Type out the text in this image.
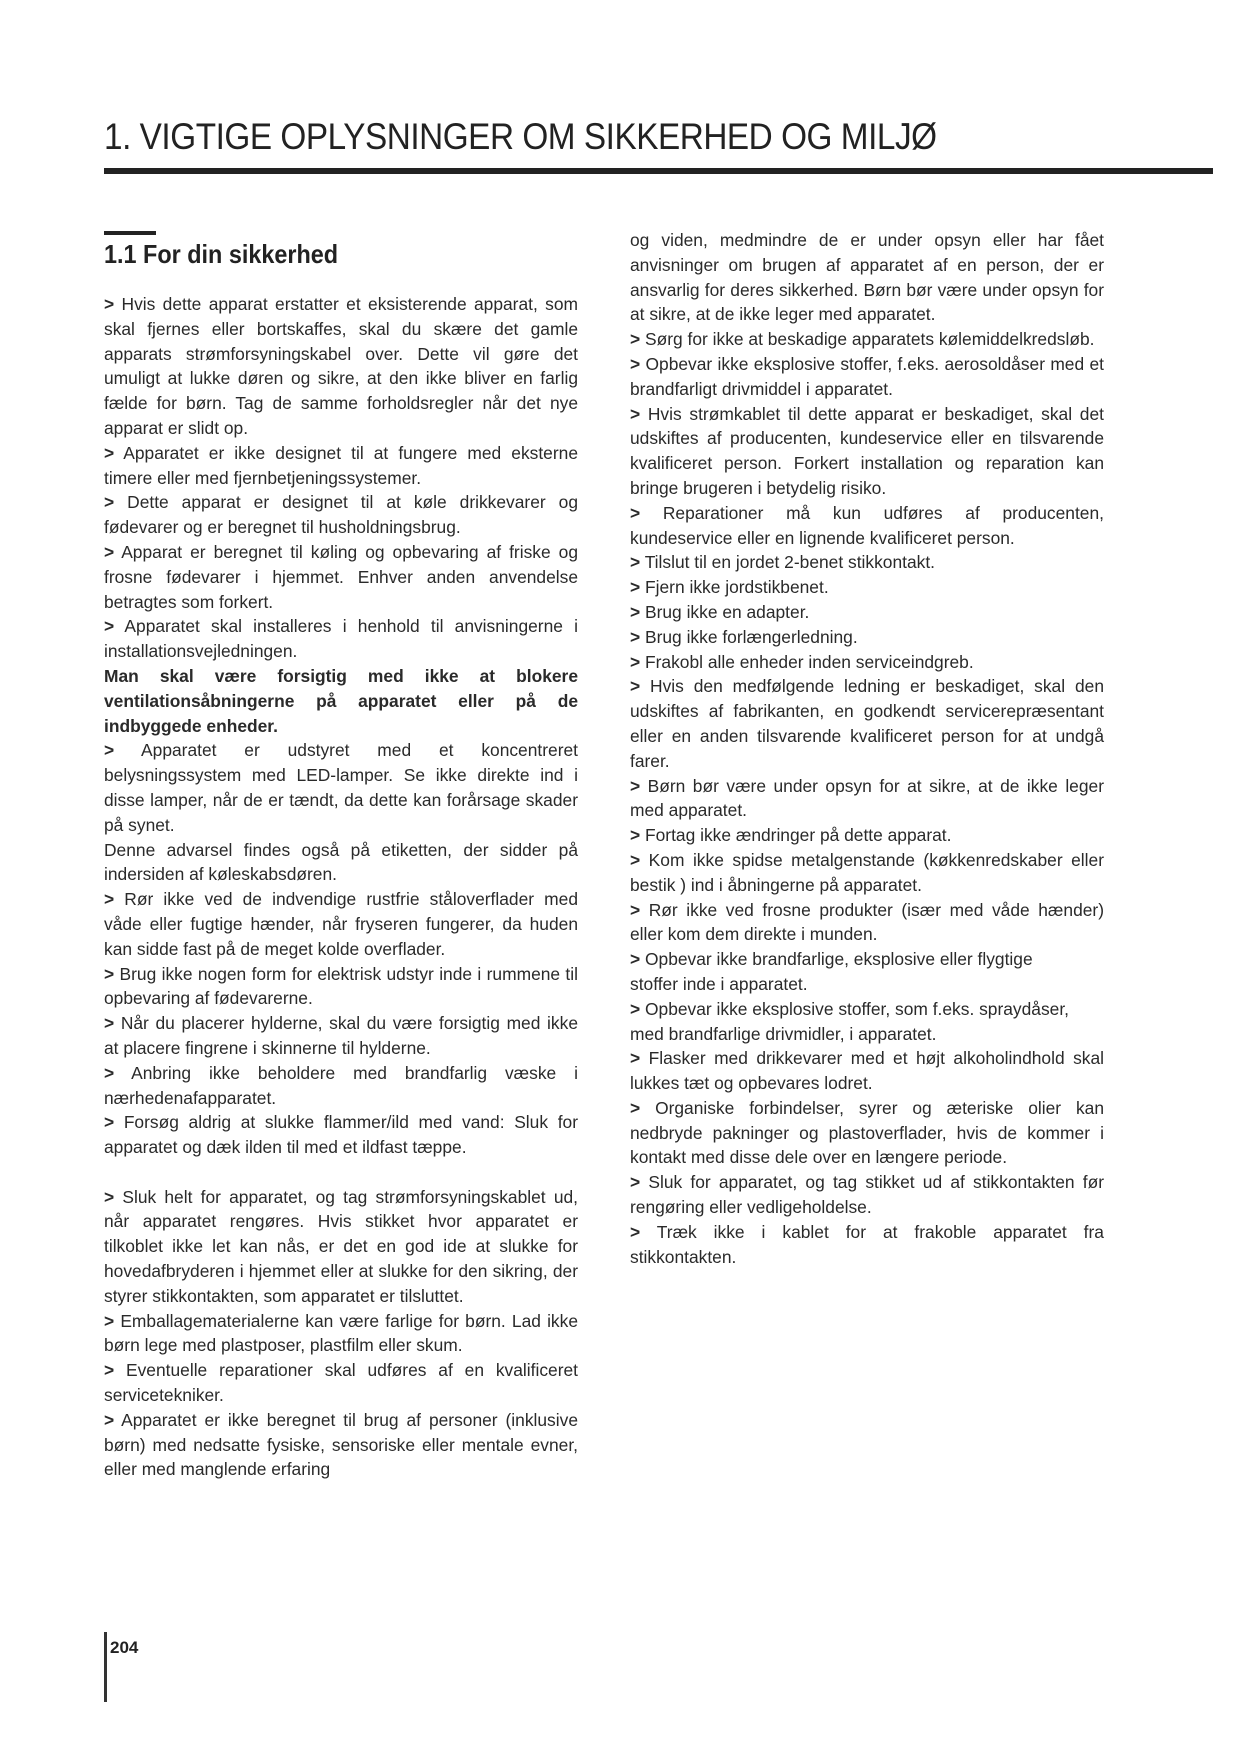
1. VIGTIGE OPLYSNINGER OM SIKKERHED OG MILJØ
1.1 For din sikkerhed

> Hvis dette apparat erstatter et eksisterende apparat, som skal fjernes eller bortskaffes, skal du skære det gamle apparats strømforsyningskabel over. Dette vil gøre det umuligt at lukke døren og sikre, at den ikke bliver en farlig fælde for børn. Tag de samme forholdsregler når det nye apparat er slidt op.

> Apparatet er ikke designet til at fungere med eksterne timere eller med fjernbetjeningssystemer.

> Dette apparat er designet til at køle drikkevarer og fødevarer og er beregnet til husholdningsbrug.

> Apparat er beregnet til køling og opbevaring af friske og frosne fødevarer i hjemmet. Enhver anden anvendelse betragtes som forkert.

> Apparatet skal installeres i henhold til anvisningerne i installationsvejledningen.

Man skal være forsigtig med ikke at blokere ventilationsåbningerne på apparatet eller på de indbyggede enheder.

> Apparatet er udstyret med et koncentreret belysningssystem med LED-lamper. Se ikke direkte ind i disse lamper, når de er tændt, da dette kan forårsage skader på synet.

Denne advarsel findes også på etiketten, der sidder på indersiden af køleskabsdøren.

> Rør ikke ved de indvendige rustfrie ståloverflader med våde eller fugtige hænder, når fryseren fungerer, da huden kan sidde fast på de meget kolde overflader.

> Brug ikke nogen form for elektrisk udstyr inde i rummene til opbevaring af fødevarerne.

> Når du placerer hylderne, skal du være forsigtig med ikke at placere fingrene i skinnerne til hylderne.

> Anbring ikke beholdere med brandfarlig væske i nærhedenafapparatet.

> Forsøg aldrig at slukke flammer/ild med vand: Sluk for apparatet og dæk ilden til med et ildfast tæppe.

> Sluk helt for apparatet, og tag strømforsyningskablet ud, når apparatet rengøres. Hvis stikket hvor apparatet er tilkoblet ikke let kan nås, er det en god ide at slukke for hovedafbryderen i hjemmet eller at slukke for den sikring, der styrer stikkontakten, som apparatet er tilsluttet.

> Emballagematerialerne kan være farlige for børn. Lad ikke børn lege med plastposer, plastfilm eller skum.

> Eventuelle reparationer skal udføres af en kvalificeret servicetekniker.

> Apparatet er ikke beregnet til brug af personer (inklusive børn) med nedsatte fysiske, sensoriske eller mentale evner, eller med manglende erfaring

og viden, medmindre de er under opsyn eller har fået anvisninger om brugen af apparatet af en person, der er ansvarlig for deres sikkerhed. Børn bør være under opsyn for at sikre, at de ikke leger med apparatet.

> Sørg for ikke at beskadige apparatets kølemiddelkredsløb.

> Opbevar ikke eksplosive stoffer, f.eks. aerosoldåser med et brandfarligt drivmiddel i apparatet.

> Hvis strømkablet til dette apparat er beskadiget, skal det udskiftes af producenten, kundeservice eller en tilsvarende kvalificeret person. Forkert installation og reparation kan bringe brugeren i betydelig risiko.

> Reparationer må kun udføres af producenten, kundeservice eller en lignende kvalificeret person.

> Tilslut til en jordet 2-benet stikkontakt.

> Fjern ikke jordstikbenet.

> Brug ikke en adapter.

> Brug ikke forlængerledning.

> Frakobl alle enheder inden serviceindgreb.

> Hvis den medfølgende ledning er beskadiget, skal den udskiftes af fabrikanten, en godkendt servicerepræsentant eller en anden tilsvarende kvalificeret person for at undgå farer.

> Børn bør være under opsyn for at sikre, at de ikke leger med apparatet.

> Fortag ikke ændringer på dette apparat.

> Kom ikke spidse metalgenstande (køkkenredskaber eller bestik ) ind i åbningerne på apparatet.

> Rør ikke ved frosne produkter (især med våde hænder) eller kom dem direkte i munden.

> Opbevar ikke brandfarlige, eksplosive eller flygtige

stoffer inde i apparatet.

> Opbevar ikke eksplosive stoffer, som f.eks. spraydåser,

med brandfarlige drivmidler, i apparatet.

> Flasker med drikkevarer med et højt alkoholindhold skal lukkes tæt og opbevares lodret.

> Organiske forbindelser, syrer og æteriske olier kan nedbryde pakninger og plastoverflader, hvis de kommer i kontakt med disse dele over en længere periode.

> Sluk for apparatet, og tag stikket ud af stikkontakten før rengøring eller vedligeholdelse.

> Træk ikke i kablet for at frakoble apparatet fra stikkontakten.

204
